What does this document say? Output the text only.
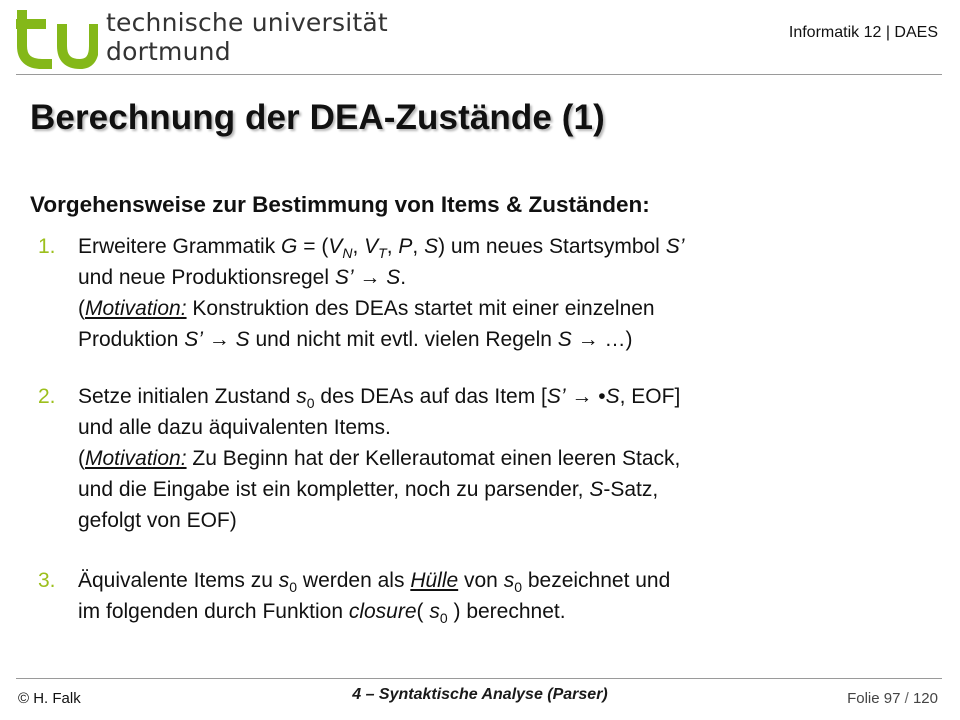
technische universität
dortmund
Informatik 12 | DAES
Berechnung der DEA-Zustände (1)
Vorgehensweise zur Bestimmung von Items & Zuständen:
1. Erweitere Grammatik $G = (V_N$, $V_T$, P, S) um neues Startsymbol S’
und neue Produktionsregel S’ → S.
(Motivation: Konstruktion des DEAs startet mit einer einzelnen
Produktion S’ → S und nicht mit evtl. vielen Regeln S → …)
2. Setze initialen Zustand $s_0$ des DEAs auf das Item [S’ → •S, EOF]
und alle dazu äquivalenten Items.
(Motivation: Zu Beginn hat der Kellerautomat einen leeren Stack,
und die Eingabe ist ein kompletter, noch zu parsender, S-Satz,
gefolgt von EOF)
3. Äquivalente Items zu $s_0$ werden als Hülle von $s_0$ bezeichnet und
im folgenden durch Funktion closure( $s_0$ ) berechnet.
© H. Falk	4 – Syntaktische Analyse (Parser)	Folie 97 / 120
